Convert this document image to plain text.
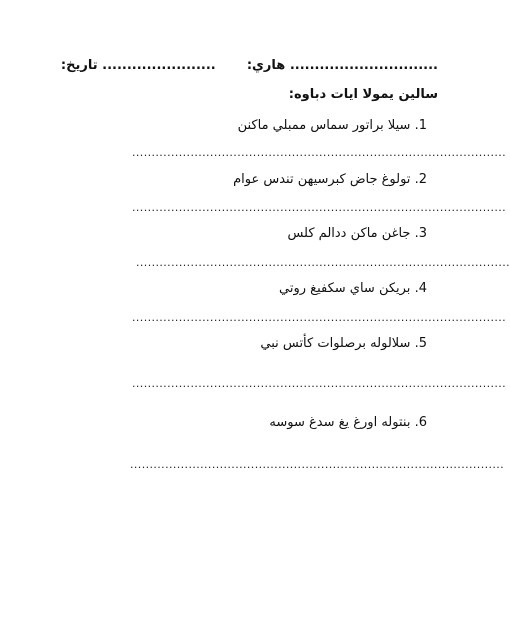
تاريخ: ....................... هاري: ..............................
سالين يمولا ايات دباوه:
1. سيلا براتور سماس ممبلي ماكنن
................................................................................................
2. تولوغ جاض كبرسيهن تندس عوام
................................................................................................
3. جاغن ماكن ددالم كلس
................................................................................................
4. بريكن ساي سكفيغ روتي
................................................................................................
5. سلالوله برصلوات كأتس نبي
................................................................................................
6. بنتوله اورغ يغ سدغ سوسه
................................................................................................
